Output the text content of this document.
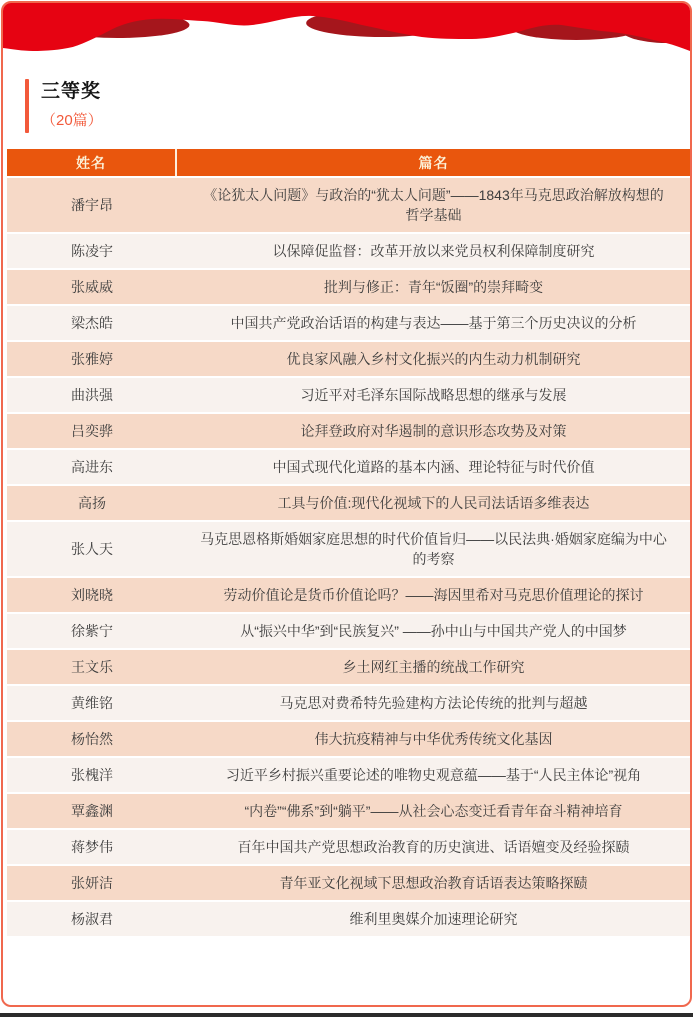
三等奖
（20篇）
姓名	篇名
潘宇昂	《论犹太人问题》与政治的“犹太人问题”——1843年马克思政治解放构想的哲学基础
陈凌宇	以保障促监督：改革开放以来党员权利保障制度研究
张威威	批判与修正：青年“饭圈”的崇拜畸变
梁杰皓	中国共产党政治话语的构建与表达——基于第三个历史决议的分析
张雅婷	优良家风融入乡村文化振兴的内生动力机制研究
曲洪强	习近平对毛泽东国际战略思想的继承与发展
吕奕骅	论拜登政府对华遏制的意识形态攻势及对策
高进东	中国式现代化道路的基本内涵、理论特征与时代价值
高扬	工具与价值:现代化视域下的人民司法话语多维表达
张人天	马克思恩格斯婚姻家庭思想的时代价值旨归——以民法典·婚姻家庭编为中心的考察
刘晓晓	劳动价值论是货币价值论吗？——海因里希对马克思价值理论的探讨
徐紫宁	从“振兴中华”到“民族复兴” ——孙中山与中国共产党人的中国梦
王文乐	乡土网红主播的统战工作研究
黄维铭	马克思对费希特先验建构方法论传统的批判与超越
杨怡然	伟大抗疫精神与中华优秀传统文化基因
张槐洋	习近平乡村振兴重要论述的唯物史观意蕴——基于“人民主体论”视角
覃鑫渊	“内卷”“佛系”到“躺平”——从社会心态变迁看青年奋斗精神培育
蒋梦伟	百年中国共产党思想政治教育的历史演进、话语嬗变及经验探赜
张妍洁	青年亚文化视域下思想政治教育话语表达策略探赜
杨淑君	维利里奥媒介加速理论研究
